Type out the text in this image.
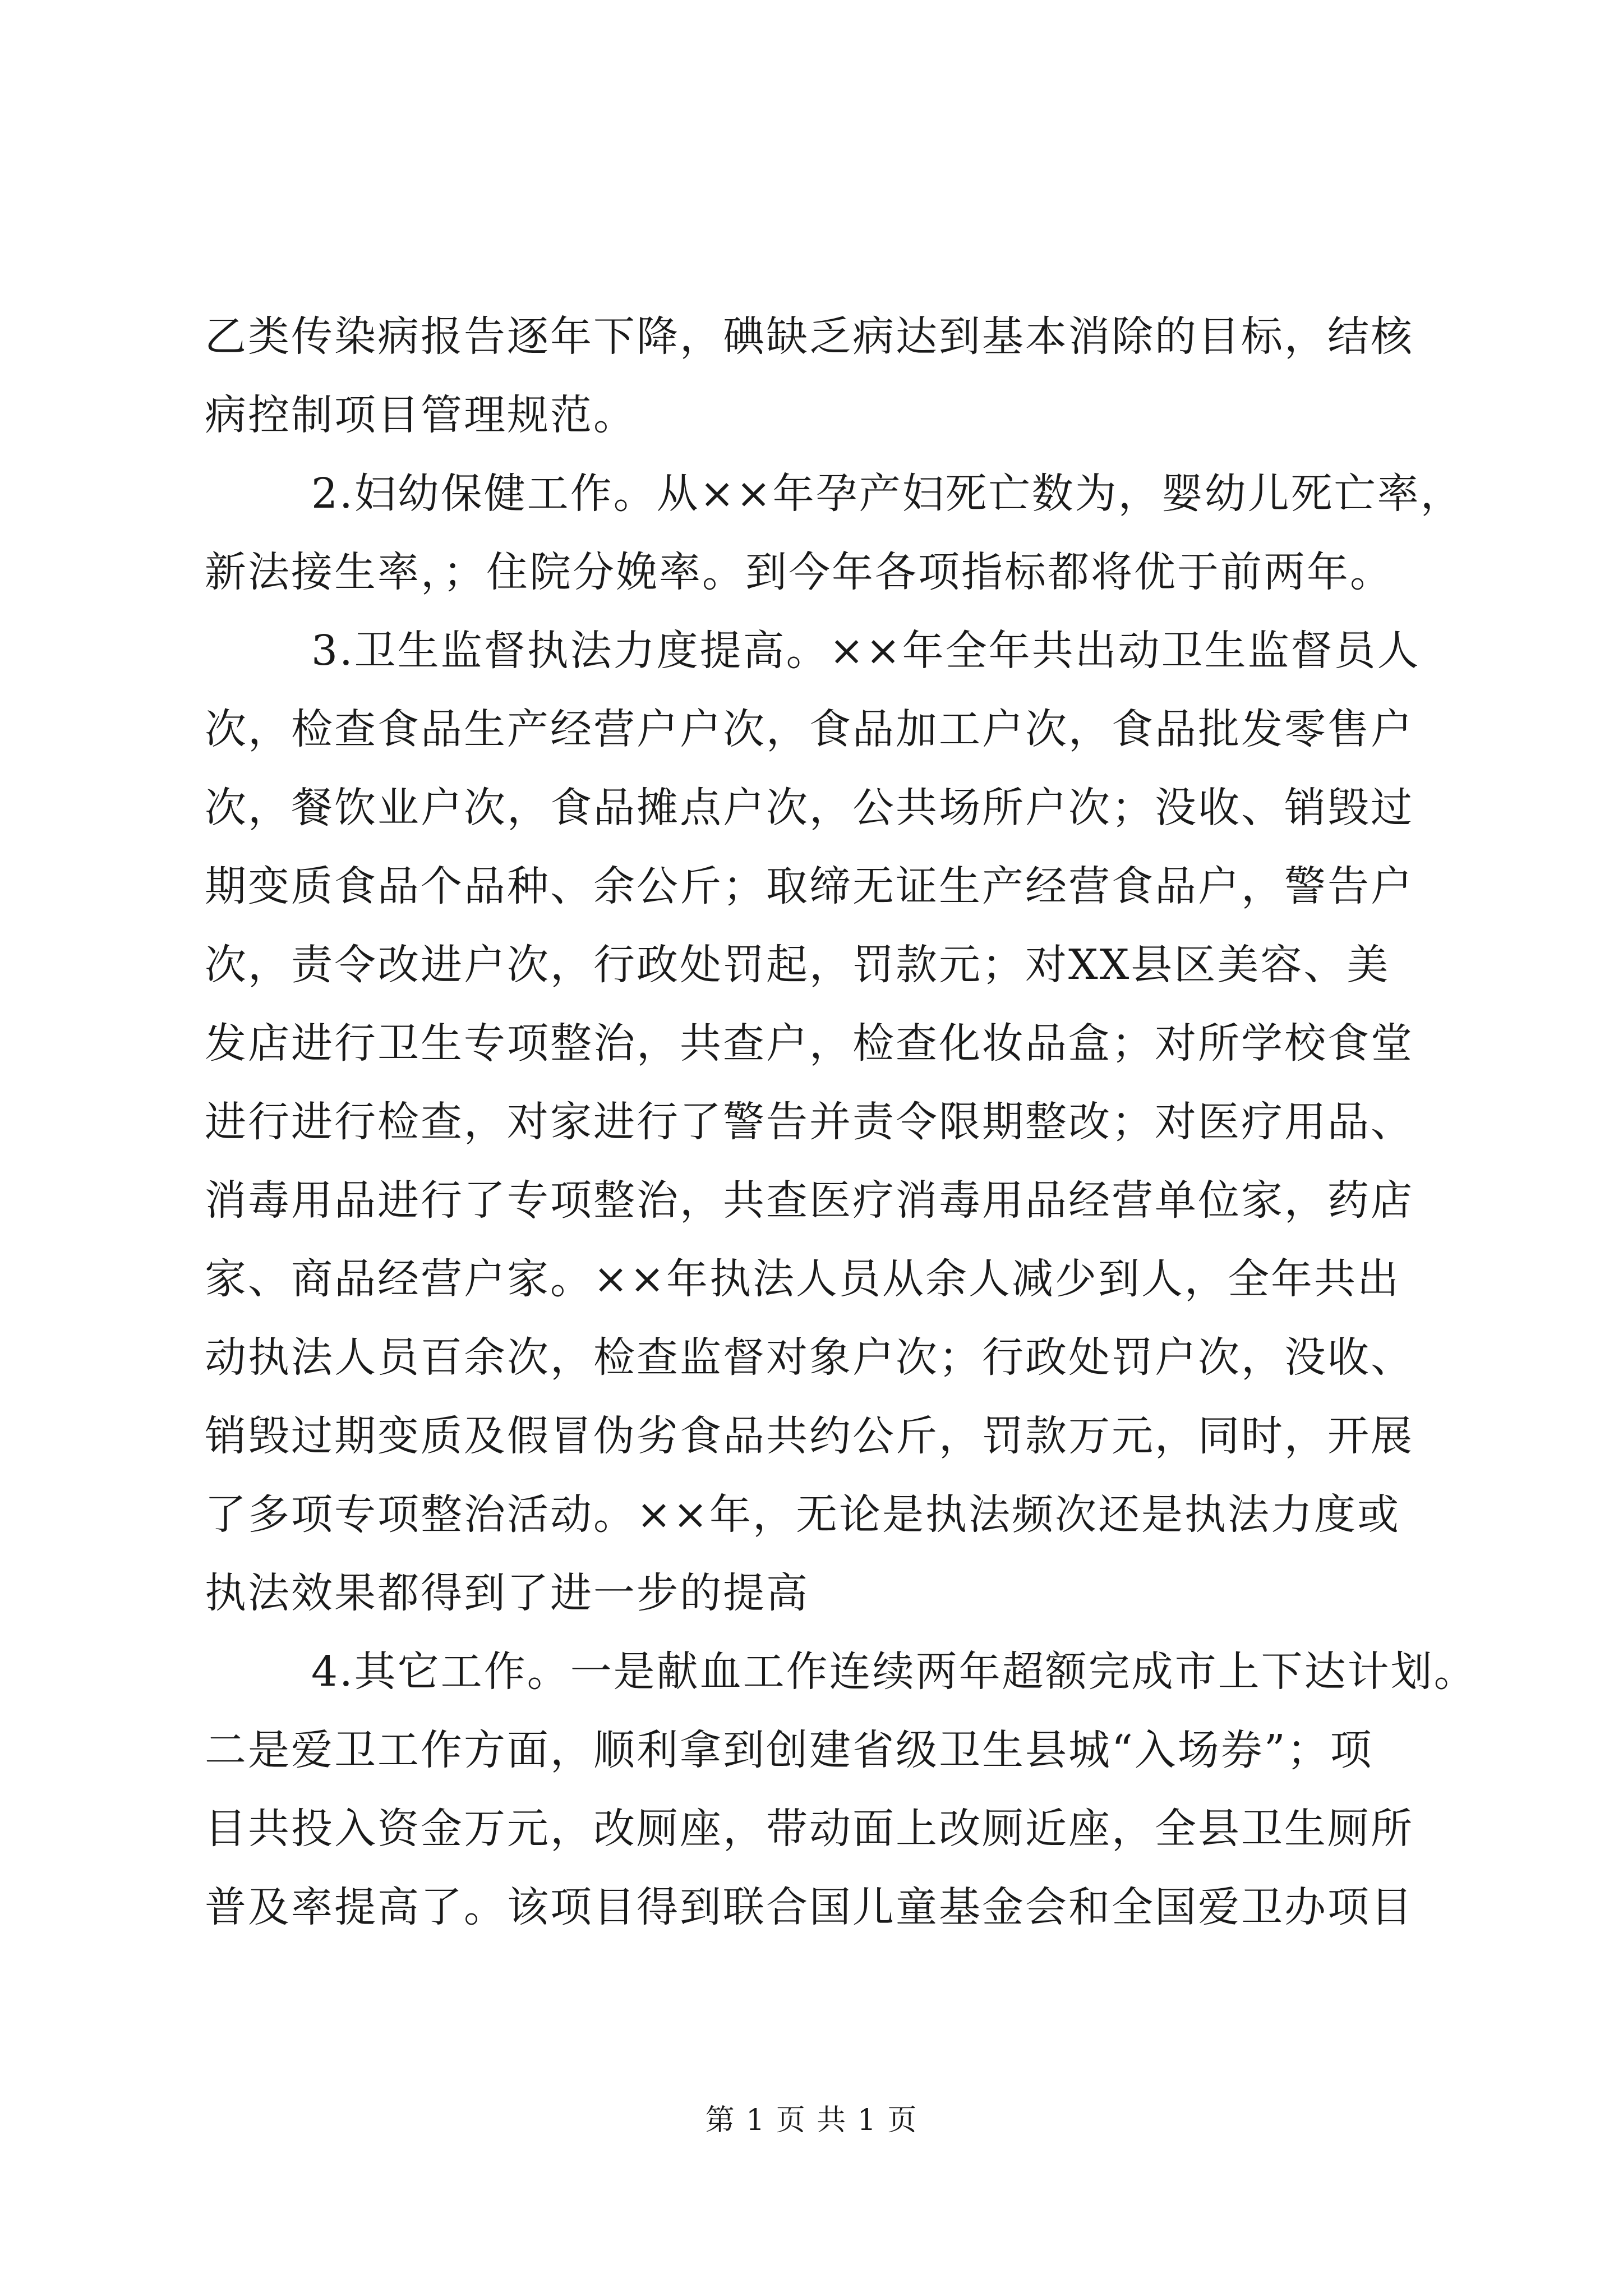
乙类传染病报告逐年下降，碘缺乏病达到基本消除的目标，结核
病控制项目管理规范。
2.妇幼保健工作。从××年孕产妇死亡数为，婴幼儿死亡率，
新法接生率，；住院分娩率。到今年各项指标都将优于前两年。
3.卫生监督执法力度提高。××年全年共出动卫生监督员人
次，检查食品生产经营户户次，食品加工户次，食品批发零售户
次，餐饮业户次，食品摊点户次，公共场所户次；没收、销毁过
期变质食品个品种、余公斤；取缔无证生产经营食品户，警告户
次，责令改进户次，行政处罚起，罚款元；对XX县区美容、美
发店进行卫生专项整治，共查户，检查化妆品盒；对所学校食堂
进行进行检查，对家进行了警告并责令限期整改；对医疗用品、
消毒用品进行了专项整治，共查医疗消毒用品经营单位家，药店
家、商品经营户家。××年执法人员从余人减少到人，全年共出
动执法人员百余次，检查监督对象户次；行政处罚户次，没收、
销毁过期变质及假冒伪劣食品共约公斤，罚款万元，同时，开展
了多项专项整治活动。××年，无论是执法频次还是执法力度或
执法效果都得到了进一步的提高
4.其它工作。一是献血工作连续两年超额完成市上下达计划。
二是爱卫工作方面，顺利拿到创建省级卫生县城“入场券”；项
目共投入资金万元，改厕座，带动面上改厕近座，全县卫生厕所
普及率提高了。该项目得到联合国儿童基金会和全国爱卫办项目
第 1 页 共 1 页
